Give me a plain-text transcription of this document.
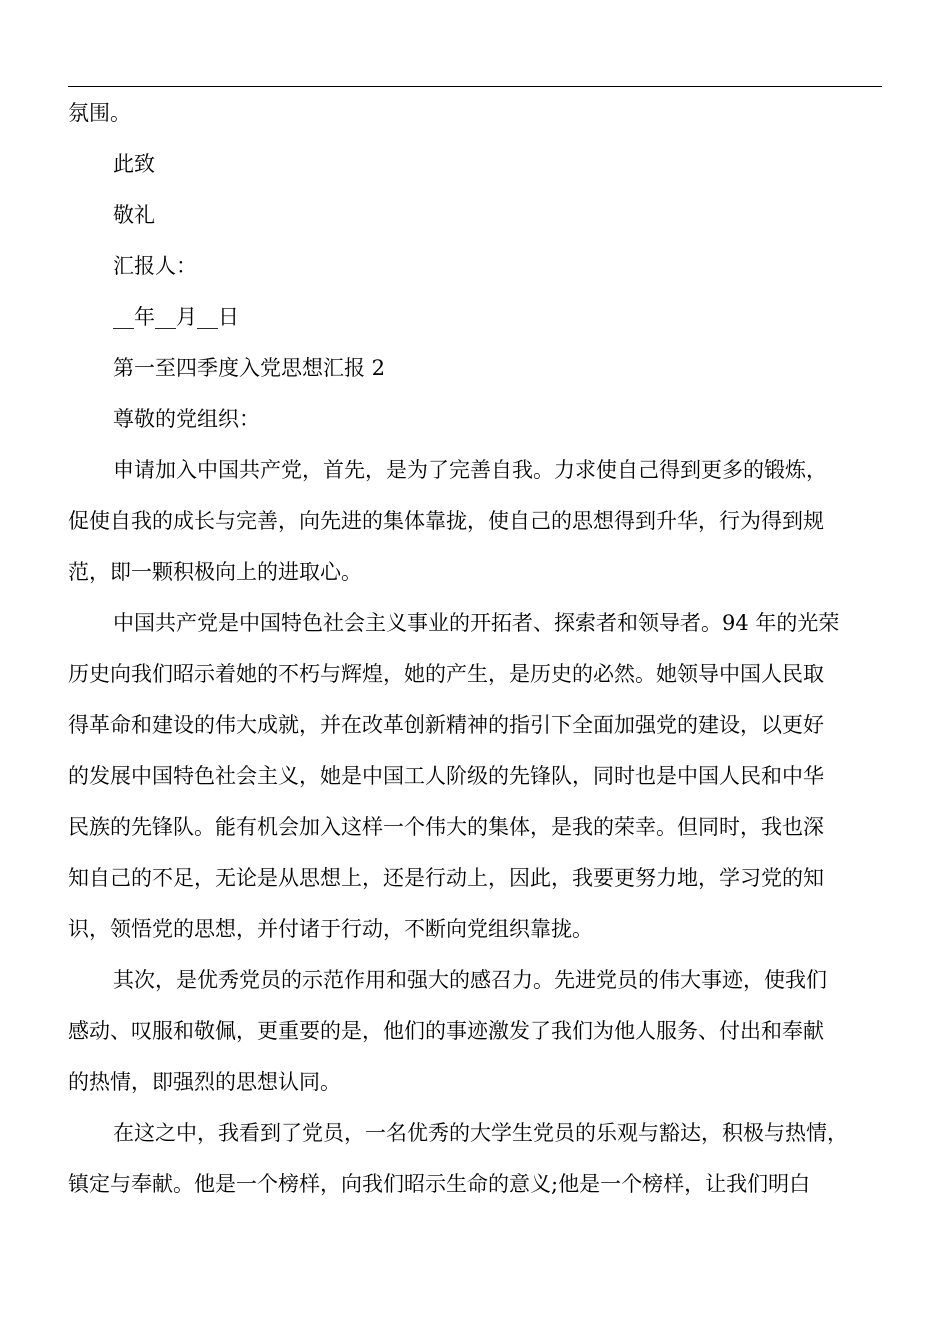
氛围。

此致

敬礼

汇报人：

__年__月__日

第一至四季度入党思想汇报 2

尊敬的党组织：

申请加入中国共产党，首先，是为了完善自我。力求使自己得到更多的锻炼，
促使自我的成长与完善，向先进的集体靠拢，使自己的思想得到升华，行为得到规
范，即一颗积极向上的进取心。
中国共产党是中国特色社会主义事业的开拓者、探索者和领导者。94 年的光荣
历史向我们昭示着她的不朽与辉煌，她的产生，是历史的必然。她领导中国人民取
得革命和建设的伟大成就，并在改革创新精神的指引下全面加强党的建设，以更好
的发展中国特色社会主义，她是中国工人阶级的先锋队，同时也是中国人民和中华
民族的先锋队。能有机会加入这样一个伟大的集体，是我的荣幸。但同时，我也深
知自己的不足，无论是从思想上，还是行动上，因此，我要更努力地，学习党的知
识，领悟党的思想，并付诸于行动，不断向党组织靠拢。
其次，是优秀党员的示范作用和强大的感召力。先进党员的伟大事迹，使我们
感动、叹服和敬佩，更重要的是，他们的事迹激发了我们为他人服务、付出和奉献
的热情，即强烈的思想认同。
在这之中，我看到了党员，一名优秀的大学生党员的乐观与豁达，积极与热情，
镇定与奉献。他是一个榜样，向我们昭示生命的意义;他是一个榜样，让我们明白
